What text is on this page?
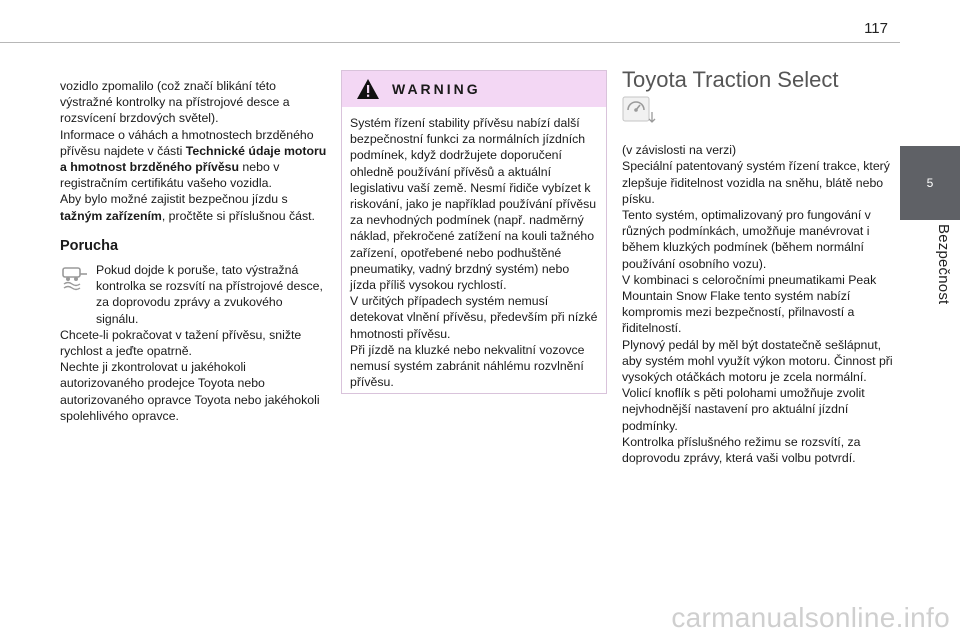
117
5
Bezpečnost

vozidlo zpomalilo (což značí blikání této výstražné kontrolky na přístrojové desce a rozsvícení brzdových světel).

Informace o váhách a hmotnostech brzděného přívěsu najdete v části Technické údaje motoru a hmotnost brzděného přívěsu nebo v registračním certifikátu vašeho vozidla.

Aby bylo možné zajistit bezpečnou jízdu s tažným zařízením, pročtěte si příslušnou část.

Porucha

Pokud dojde k poruše, tato výstražná kontrolka se rozsvítí na přístrojové desce, za doprovodu zprávy a zvukového signálu.

Chcete-li pokračovat v tažení přívěsu, snižte rychlost a jeďte opatrně.

Nechte ji zkontrolovat u jakéhokoli autorizovaného prodejce Toyota nebo autorizovaného opravce Toyota nebo jakéhokoli spolehlivého opravce.

WARNING

Systém řízení stability přívěsu nabízí další bezpečnostní funkci za normálních jízdních podmínek, když dodržujete doporučení ohledně používání přívěsů a aktuální legislativu vaší země. Nesmí řidiče vybízet k riskování, jako je například používání přívěsu za nevhodných podmínek (např. nadměrný náklad, překročené zatížení na kouli tažného zařízení, opotřebené nebo podhuštěné pneumatiky, vadný brzdný systém) nebo jízda příliš vysokou rychlostí.

V určitých případech systém nemusí detekovat vlnění přívěsu, především při nízké hmotnosti přívěsu.

Při jízdě na kluzké nebo nekvalitní vozovce nemusí systém zabránit náhlému rozvlnění přívěsu.

Toyota Traction Select

(v závislosti na verzi)

Speciální patentovaný systém řízení trakce, který zlepšuje řiditelnost vozidla na sněhu, blátě nebo písku.

Tento systém, optimalizovaný pro fungování v různých podmínkách, umožňuje manévrovat i během kluzkých podmínek (během normální používání osobního vozu).

V kombinaci s celoročními pneumatikami Peak Mountain Snow Flake tento systém nabízí kompromis mezi bezpečností, přilnavostí a řiditelností.

Plynový pedál by měl být dostatečně sešlápnut, aby systém mohl využít výkon motoru. Činnost při vysokých otáčkách motoru je zcela normální.

Volicí knoflík s pěti polohami umožňuje zvolit nejvhodnější nastavení pro aktuální jízdní podmínky.

Kontrolka příslušného režimu se rozsvítí, za doprovodu zprávy, která vaši volbu potvrdí.

carmanualsonline.info
